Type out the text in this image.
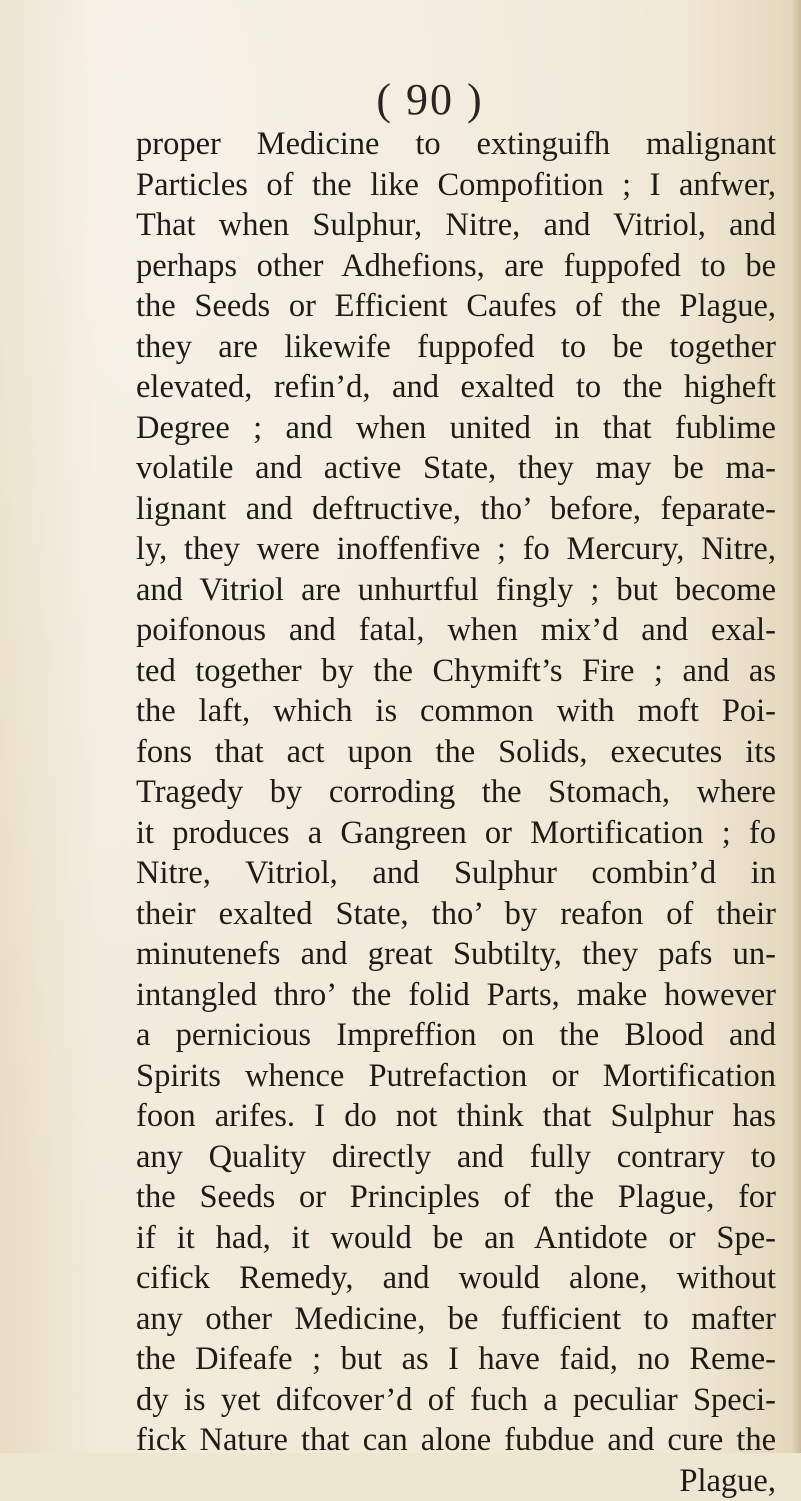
( 90 )
proper Medicine to extinguifh malignant
Particles of the like Compofition ; I anfwer,
That when Sulphur, Nitre, and Vitriol, and
perhaps other Adhefions, are fuppofed to be
the Seeds or Efficient Caufes of the Plague,
they are likewife fuppofed to be together
elevated, refin’d, and exalted to the higheft
Degree ; and when united in that fublime
volatile and active State, they may be ma-
lignant and deftructive, tho’ before, feparate-
ly, they were inoffenfive ; fo Mercury, Nitre,
and Vitriol are unhurtful fingly ; but become
poifonous and fatal, when mix’d and exal-
ted together by the Chymift’s Fire ; and as
the laft, which is common with moft Poi-
fons that act upon the Solids, executes its
Tragedy by corroding the Stomach, where
it produces a Gangreen or Mortification ; fo
Nitre, Vitriol, and Sulphur combin’d in
their exalted State, tho’ by reafon of their
minutenefs and great Subtilty, they pafs un-
intangled thro’ the folid Parts, make however
a pernicious Impreffion on the Blood and
Spirits whence Putrefaction or Mortification
foon arifes. I do not think that Sulphur has
any Quality directly and fully contrary to
the Seeds or Principles of the Plague, for
if it had, it would be an Antidote or Spe-
cifick Remedy, and would alone, without
any other Medicine, be fufficient to mafter
the Difeafe ; but as I have faid, no Reme-
dy is yet difcover’d of fuch a peculiar Speci-
fick Nature that can alone fubdue and cure the
Plague,
